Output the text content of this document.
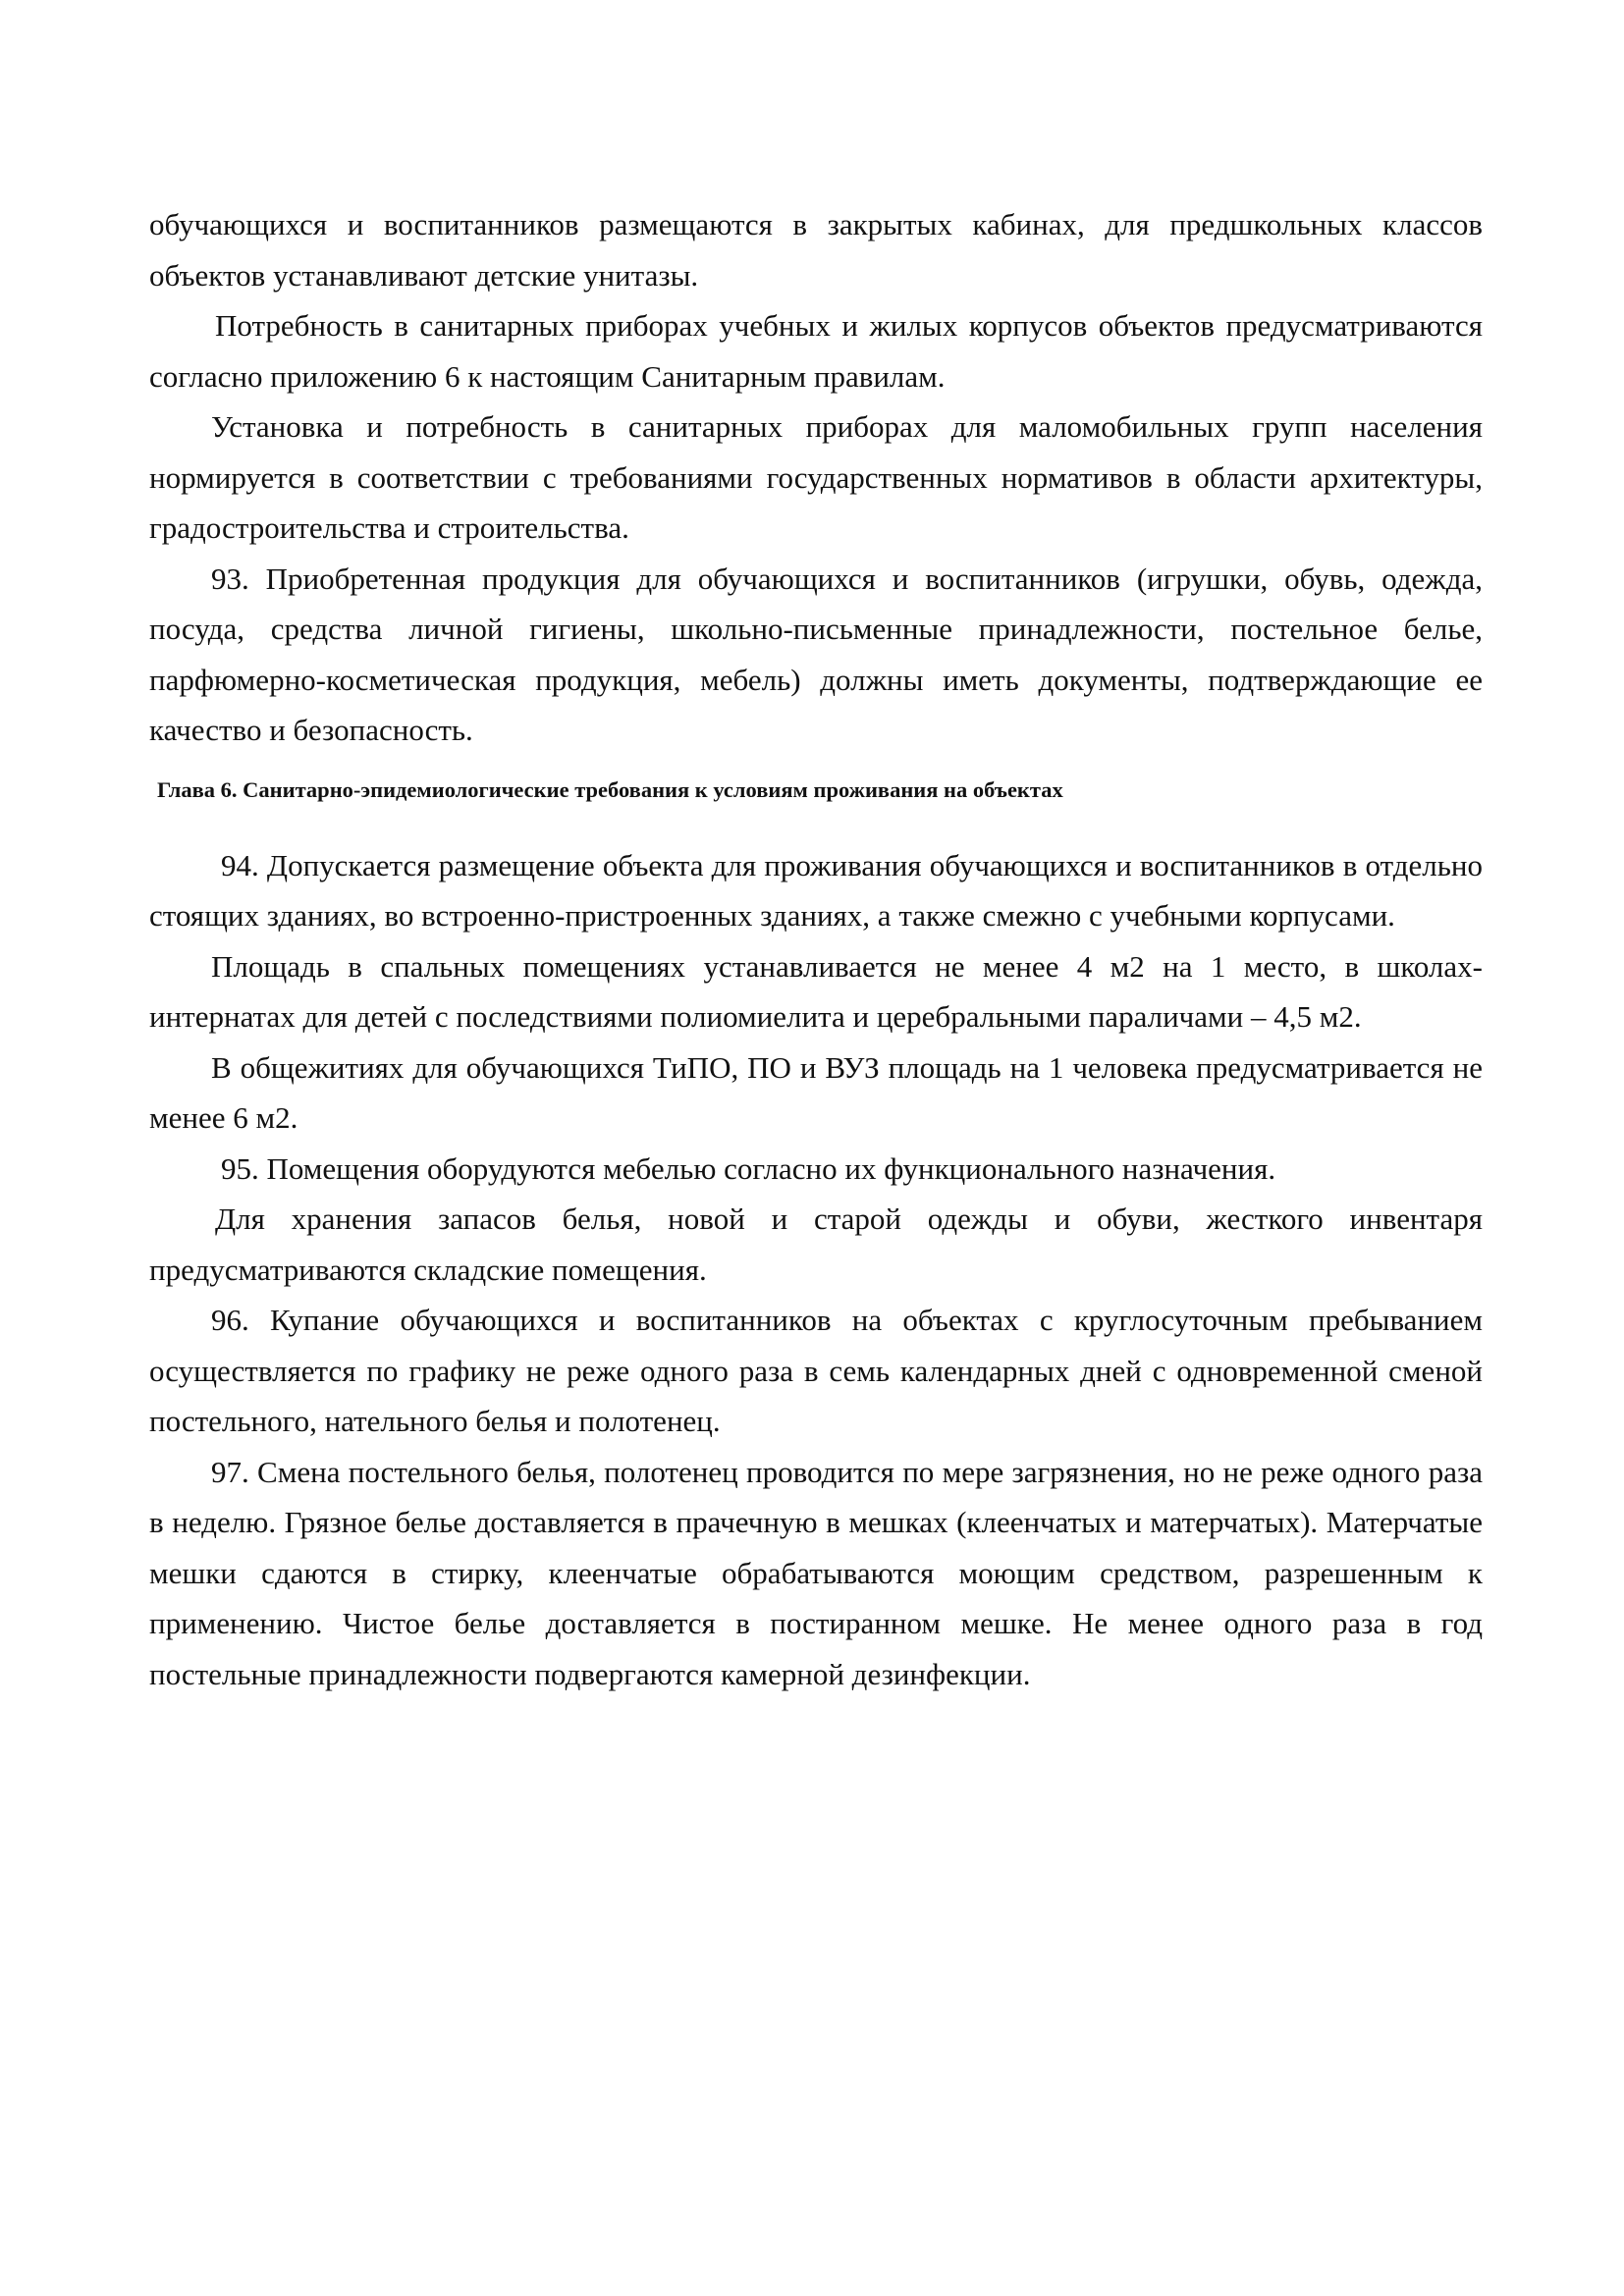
обучающихся и воспитанников размещаются в закрытых кабинах, для предшкольных классов объектов устанавливают детские унитазы.

Потребность в санитарных приборах учебных и жилых корпусов объектов предусматриваются согласно приложению 6 к настоящим Санитарным правилам.

Установка и потребность в санитарных приборах для маломобильных групп населения нормируется в соответствии с требованиями государственных нормативов в области архитектуры, градостроительства и строительства.

93. Приобретенная продукция для обучающихся и воспитанников (игрушки, обувь, одежда, посуда, средства личной гигиены, школьно-письменные принадлежности, постельное белье, парфюмерно-косметическая продукция, мебель) должны иметь документы, подтверждающие ее качество и безопасность.

Глава 6. Санитарно-эпидемиологические требования к условиям проживания на объектах

94. Допускается размещение объекта для проживания обучающихся и воспитанников в отдельно стоящих зданиях, во встроенно-пристроенных зданиях, а также смежно с учебными корпусами.

Площадь в спальных помещениях устанавливается не менее 4 м2 на 1 место, в школах-интернатах для детей с последствиями полиомиелита и церебральными параличами – 4,5 м2.

В общежитиях для обучающихся ТиПО, ПО и ВУЗ площадь на 1 человека предусматривается не менее 6 м2.

95. Помещения оборудуются мебелью согласно их функционального назначения.

Для хранения запасов белья, новой и старой одежды и обуви, жесткого инвентаря предусматриваются складские помещения.

96. Купание обучающихся и воспитанников на объектах с круглосуточным пребыванием осуществляется по графику не реже одного раза в семь календарных дней с одновременной сменой постельного, нательного белья и полотенец.

97. Смена постельного белья, полотенец проводится по мере загрязнения, но не реже одного раза в неделю. Грязное белье доставляется в прачечную в мешках (клеенчатых и матерчатых). Матерчатые мешки сдаются в стирку, клеенчатые обрабатываются моющим средством, разрешенным к применению. Чистое белье доставляется в постиранном мешке. Не менее одного раза в год постельные принадлежности подвергаются камерной дезинфекции.
